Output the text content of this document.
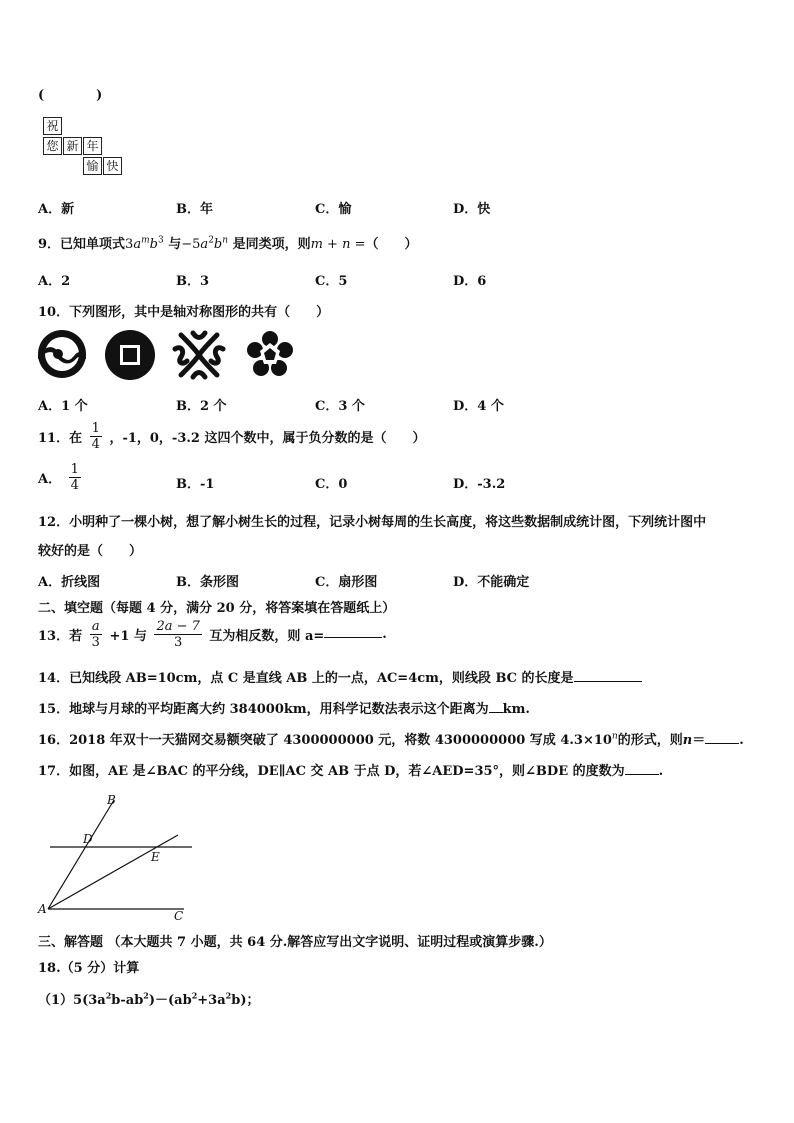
(　　　　)
祝
您 新 年
愉 快
A．新	B．年	C．愉	D．快
9．已知单项式$3a^mb^3$ 与$-5a^2b^n$ 是同类项，则m + n =（　　）
A．2	B．3	C．5	D．6
10．下列图形，其中是轴对称图形的共有（　　）
A．1 个	B．2 个	C．3 个	D．4 个
11．在 $\frac{1}{4}$ ，-1，0，-3.2 这四个数中，属于负分数的是（　　）
A． $\frac{1}{4}$	B．-1	C．0	D．-3.2
12．小明种了一棵小树，想了解小树生长的过程，记录小树每周的生长高度，将这些数据制成统计图，下列统计图中
较好的是（　　）
A．折线图	B．条形图	C．扇形图	D．不能确定
二、填空题（每题 4 分，满分 20 分，将答案填在答题纸上）
13．若 $\frac{a}{3} +1$ 与 $\frac{2a - 7}{3}$ 互为相反数，则 a=	.
14．已知线段 AB=10cm，点 C 是直线 AB 上的一点，AC=4cm，则线段 BC 的长度是
15．地球与月球的平均距离大约 384000km，用科学记数法表示这个距离为 km.
16．2018 年双十一天猫网交易额突破了 4300000000 元，将数 4300000000 写成 $4.3\times 10^n$的形式，则n＝	.
17．如图，AE 是∠BAC 的平分线，DE∥AC 交 AB 于点 D，若∠AED=35°，则∠BDE 的度数为	.
B
D
E
A	C
三、解答题 （本大题共 7 小题，共 64 分.解答应写出文字说明、证明过程或演算步骤.）
18.（5 分）计算
$(1)5(3a^2b-ab^2)-(ab^2+3a^2b)$；
